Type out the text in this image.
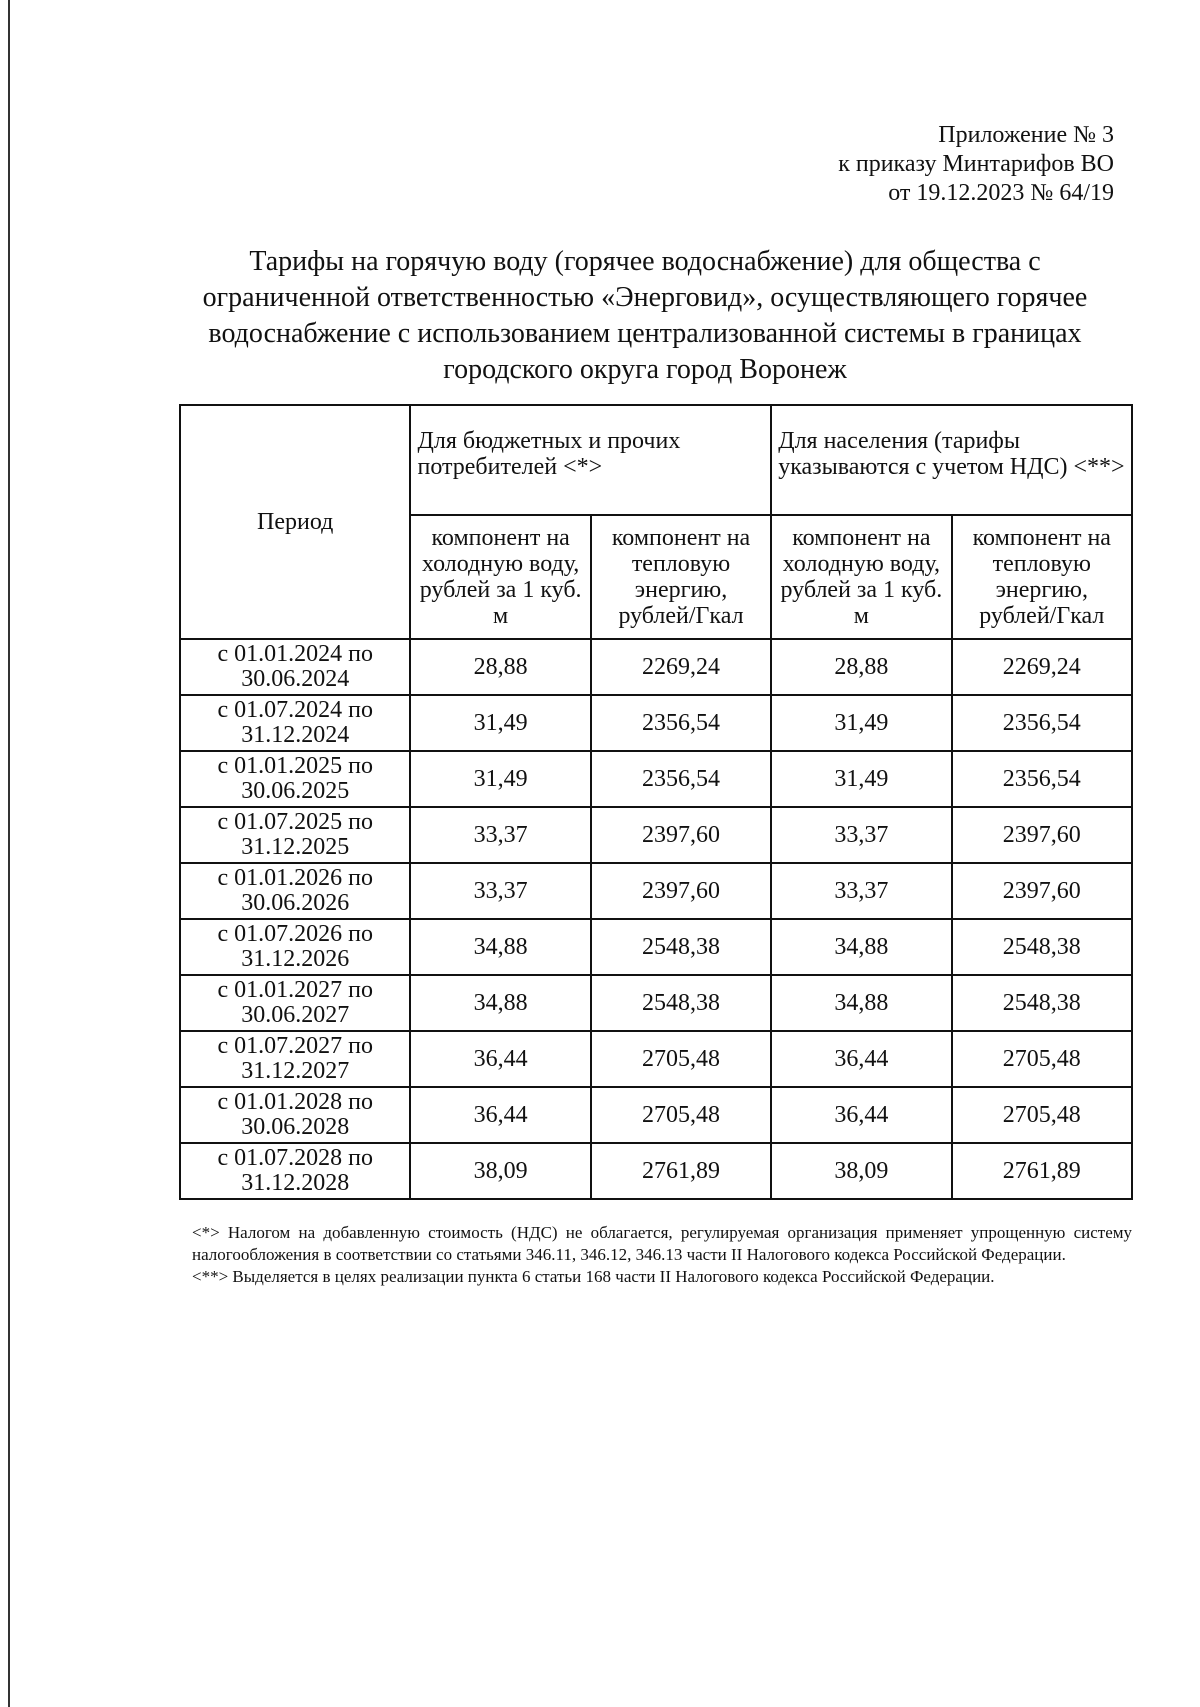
Приложение № 3
к приказу Минтарифов ВО
от 19.12.2023 № 64/19
Тарифы на горячую воду (горячее водоснабжение) для общества с ограниченной ответственностью «Энерговид», осуществляющего горячее водоснабжение с использованием централизованной системы в границах городского округа город Воронеж
Период	Для бюджетных и прочих потребителей <*>		Для населения (тарифы указываются с учетом НДС) <**>	
	компонент на холодную воду, рублей за 1 куб. м	компонент на тепловую энергию, рублей/Гкал	компонент на холодную воду, рублей за 1 куб. м	компонент на тепловую энергию, рублей/Гкал
с 01.01.2024 по 30.06.2024	28,88	2269,24	28,88	2269,24
с 01.07.2024 по 31.12.2024	31,49	2356,54	31,49	2356,54
с 01.01.2025 по 30.06.2025	31,49	2356,54	31,49	2356,54
с 01.07.2025 по 31.12.2025	33,37	2397,60	33,37	2397,60
с 01.01.2026 по 30.06.2026	33,37	2397,60	33,37	2397,60
с 01.07.2026 по 31.12.2026	34,88	2548,38	34,88	2548,38
с 01.01.2027 по 30.06.2027	34,88	2548,38	34,88	2548,38
с 01.07.2027 по 31.12.2027	36,44	2705,48	36,44	2705,48
с 01.01.2028 по 30.06.2028	36,44	2705,48	36,44	2705,48
с 01.07.2028 по 31.12.2028	38,09	2761,89	38,09	2761,89

<*> Налогом на добавленную стоимость (НДС) не облагается, регулируемая организация применяет упрощенную систему налогообложения в соответствии со статьями 346.11, 346.12, 346.13 части II Налогового кодекса Российской Федерации.

<**> Выделяется в целях реализации пункта 6 статьи 168 части II Налогового кодекса Российской Федерации.
